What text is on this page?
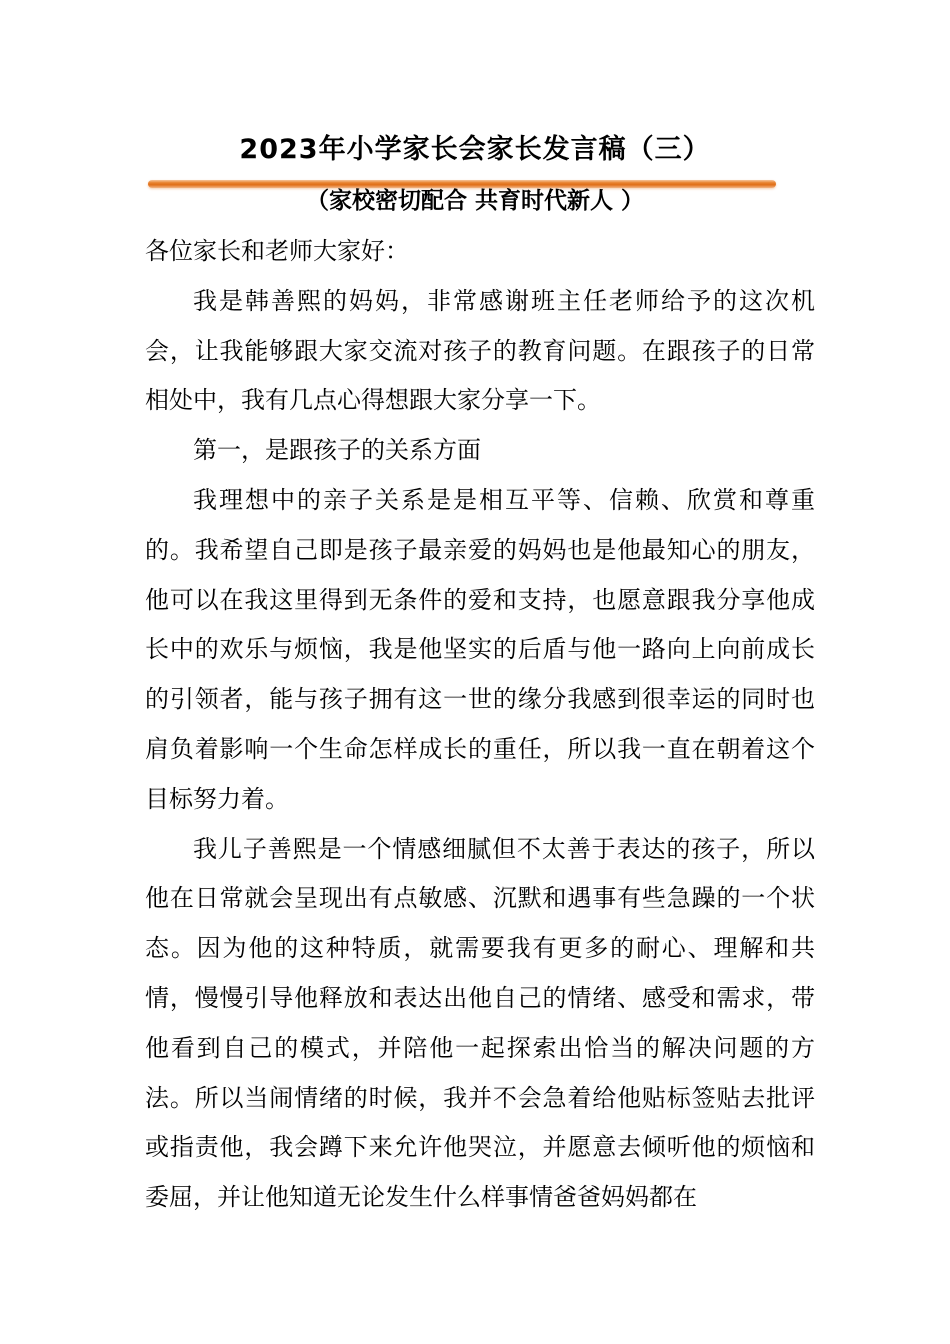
2023年小学家长会家长发言稿（三）
（家校密切配合 共育时代新人 ）

各位家长和老师大家好：

我是韩善熙的妈妈，非常感谢班主任老师给予的这次机会，让我能够跟大家交流对孩子的教育问题。在跟孩子的日常相处中，我有几点心得想跟大家分享一下。

第一，是跟孩子的关系方面

我理想中的亲子关系是是相互平等、信赖、欣赏和尊重的。我希望自己即是孩子最亲爱的妈妈也是他最知心的朋友，他可以在我这里得到无条件的爱和支持，也愿意跟我分享他成长中的欢乐与烦恼，我是他坚实的后盾与他一路向上向前成长的引领者，能与孩子拥有这一世的缘分我感到很幸运的同时也肩负着影响一个生命怎样成长的重任，所以我一直在朝着这个目标努力着。

我儿子善熙是一个情感细腻但不太善于表达的孩子，所以他在日常就会呈现出有点敏感、沉默和遇事有些急躁的一个状态。因为他的这种特质，就需要我有更多的耐心、理解和共情，慢慢引导他释放和表达出他自己的情绪、感受和需求，带他看到自己的模式，并陪他一起探索出恰当的解决问题的方法。所以当闹情绪的时候，我并不会急着给他贴标签贴去批评或指责他，我会蹲下来允许他哭泣，并愿意去倾听他的烦恼和委屈，并让他知道无论发生什么样事情爸爸妈妈都在
